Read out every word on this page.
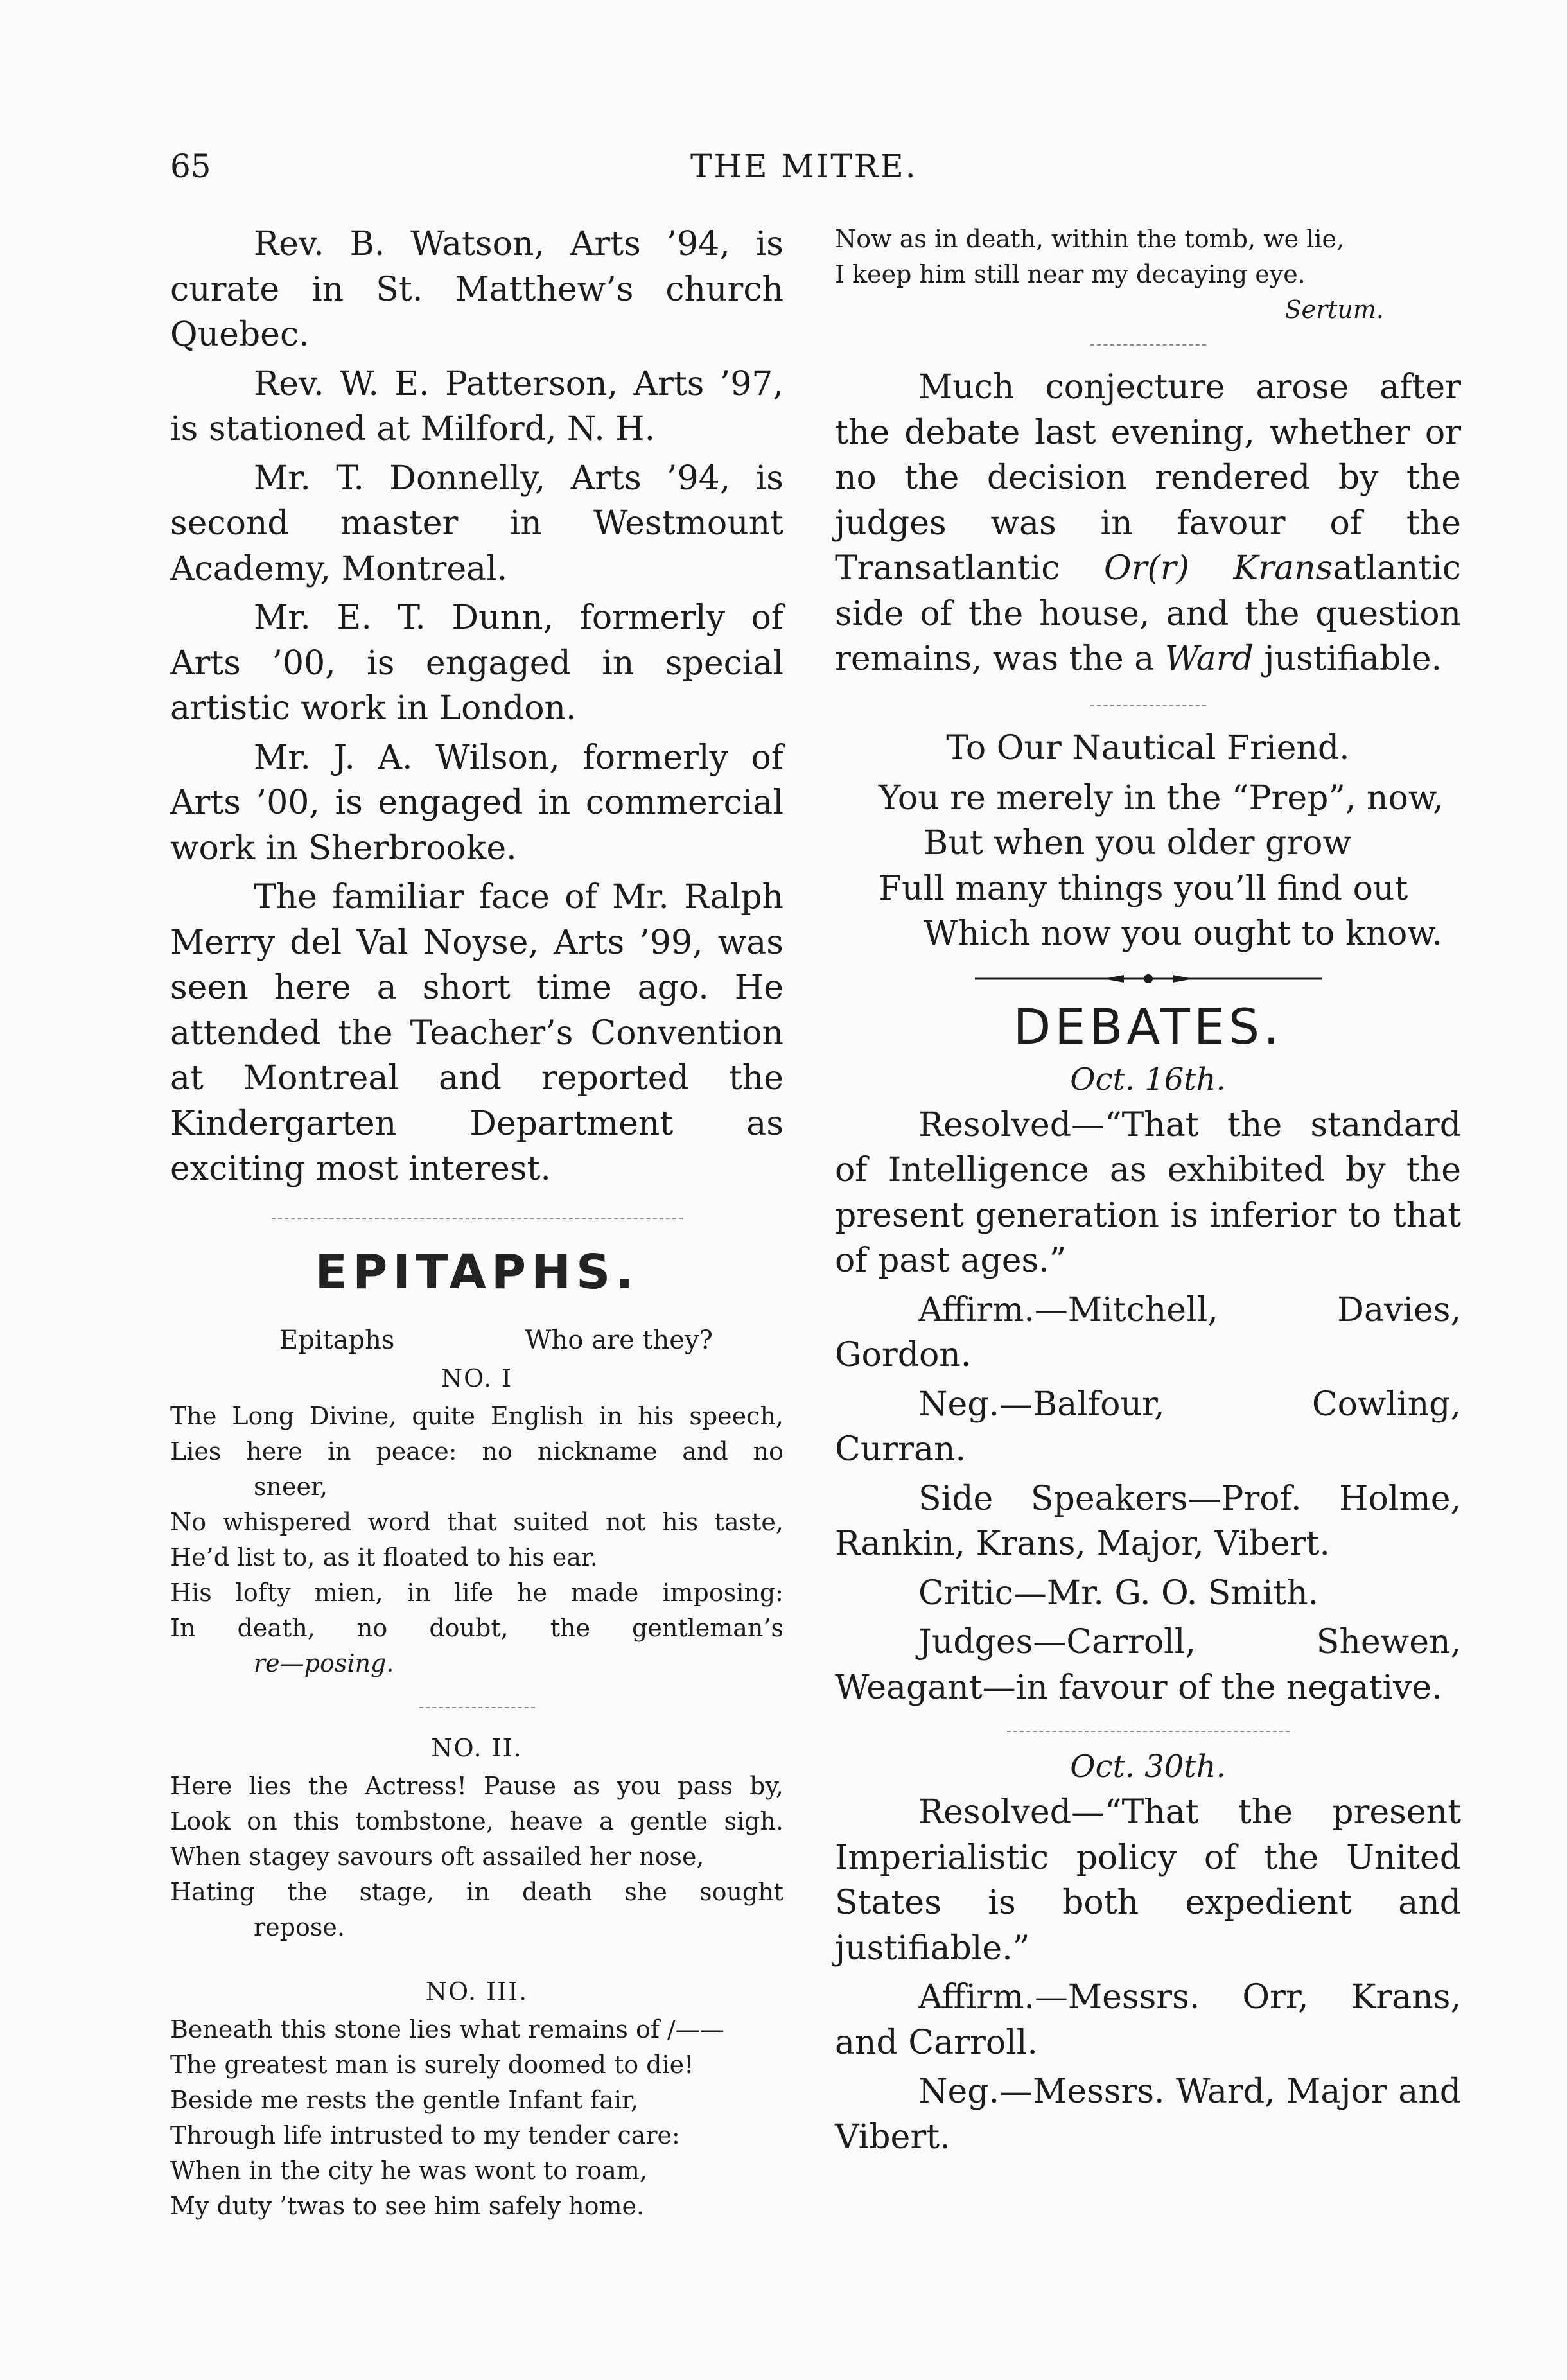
65	THE MITRE.

Rev. B. Watson, Arts ’94, is curate in St. Matthew’s church Quebec.

Rev. W. E. Patterson, Arts ’97, is stationed at Milford, N. H.

Mr. T. Donnelly, Arts ’94, is second master in Westmount Academy, Montreal.

Mr. E. T. Dunn, formerly of Arts ’00, is engaged in special artistic work in London.

Mr. J. A. Wilson, formerly of Arts ’00, is engaged in commercial work in Sherbrooke.

The familiar face of Mr. Ralph Merry del Val Noyse, Arts ’99, was seen here a short time ago. He attended the Teacher’s Convention at Montreal and reported the Kindergarten Department as exciting most interest.

EPITAPHS.
Epitaphs	Who are they?
NO. I
The Long Divine, quite English in his speech,
Lies here in peace: no nickname and no
sneer,
No whispered word that suited not his taste,
He’d list to, as it floated to his ear.
His lofty mien, in life he made imposing:
In death, no doubt, the gentleman’s
re—posing.
NO. II.
Here lies the Actress! Pause as you pass by,
Look on this tombstone, heave a gentle sigh.
When stagey savours oft assailed her nose,
Hating the stage, in death she sought
repose.
NO. III.
Beneath this stone lies what remains of /——
The greatest man is surely doomed to die!
Beside me rests the gentle Infant fair,
Through life intrusted to my tender care:
When in the city he was wont to roam,
My duty ’twas to see him safely home.
Now as in death, within the tomb, we lie,
I keep him still near my decaying eye.
Sertum.

Much conjecture arose after the debate last evening, whether or no the decision rendered by the judges was in favour of the Transatlantic Or(r) Kransatlantic side of the house, and the question remains, was the a Ward justifiable.

To Our Nautical Friend.
You re merely in the “Prep”, now,
But when you older grow
Full many things you’ll find out
Which now you ought to know.
DEBATES.
Oct. 16th.

Resolved—“That the standard of Intelligence as exhibited by the present generation is inferior to that of past ages.”

Affirm.—Mitchell, Davies, Gordon.

Neg.—Balfour, Cowling, Curran.

Side Speakers—Prof. Holme, Rankin, Krans, Major, Vibert.

Critic—Mr. G. O. Smith.

Judges—Carroll, Shewen, Weagant—in favour of the negative.

Oct. 30th.

Resolved—“That the present Imperialistic policy of the United States is both expedient and justifiable.”

Affirm.—Messrs. Orr, Krans, and Carroll.

Neg.—Messrs. Ward, Major and Vibert.
